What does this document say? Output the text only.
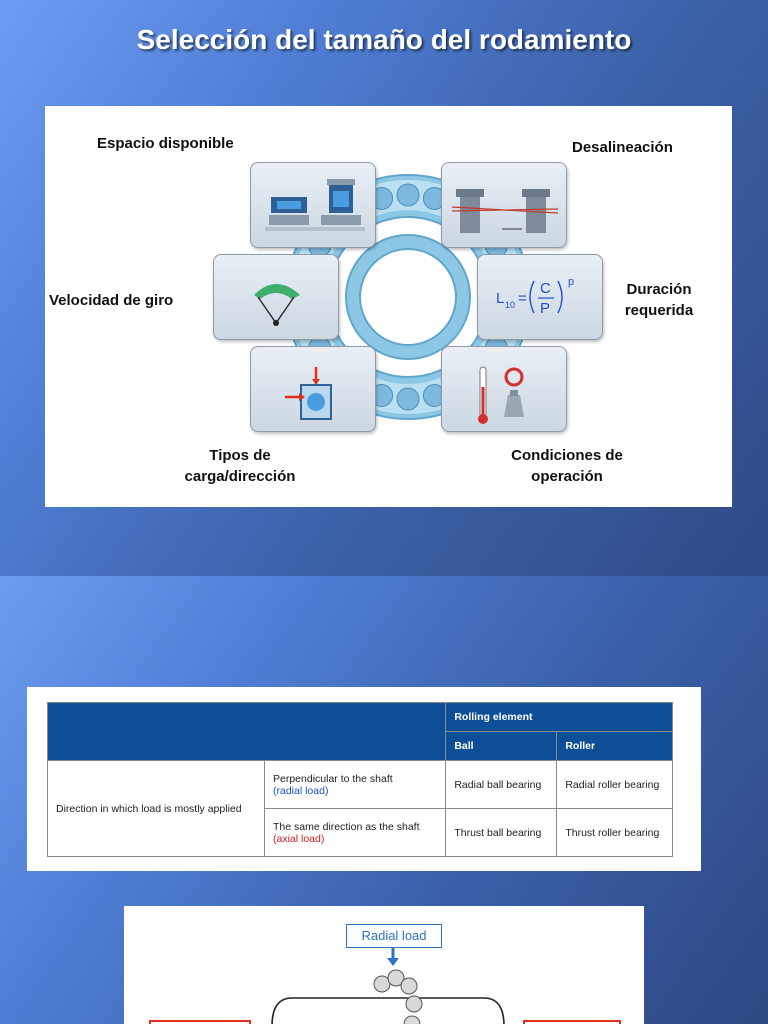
Selección del tamaño del rodamiento
L 10 =
C
P
p
Espacio disponible	Desalineación
Velocidad de giro
Duración
requerida
Tipos de
carga/dirección
Condiciones de
operación
		Rolling element	
		Ball	Roller
Direction in which load is mostly applied	Perpendicular to the shaft
(radial load)	Radial ball bearing	Radial roller bearing

	The same direction as the shaft
(axial load)	Thrust ball bearing	Thrust roller bearing
Radial load
